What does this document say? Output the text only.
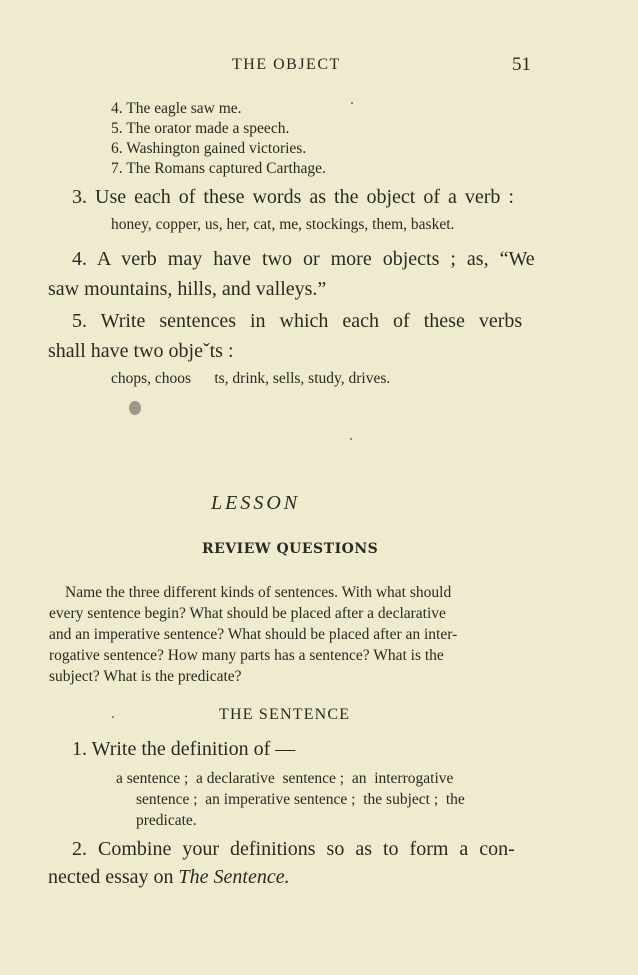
THE OBJECT	51
4. The eagle saw me.
5. The orator made a speech.
6. Washington gained victories.
7. The Romans captured Carthage.
3. Use each of these words as the object of a verb :
honey, copper, us, her, cat, me, stockings, them, basket.
4. A verb may have two or more objects ; as, “We
saw mountains, hills, and valleys.”
5. Write sentences in which each of these verbs
shall have two objeˇts :
chops, choos      ts, drink, sells, study, drives.
LESSON
REVIEW QUESTIONS
Name the three different kinds of sentences. With what should
every sentence begin? What should be placed after a declarative
and an imperative sentence? What should be placed after an inter-
rogative sentence? How many parts has a sentence? What is the
subject? What is the predicate?
THE SENTENCE
1. Write the definition of —
a sentence ;  a declarative  sentence ;  an  interrogative
sentence ;  an imperative sentence ;  the subject ;  the
predicate.
2. Combine your definitions so as to form a con-
nected essay on The Sentence.
